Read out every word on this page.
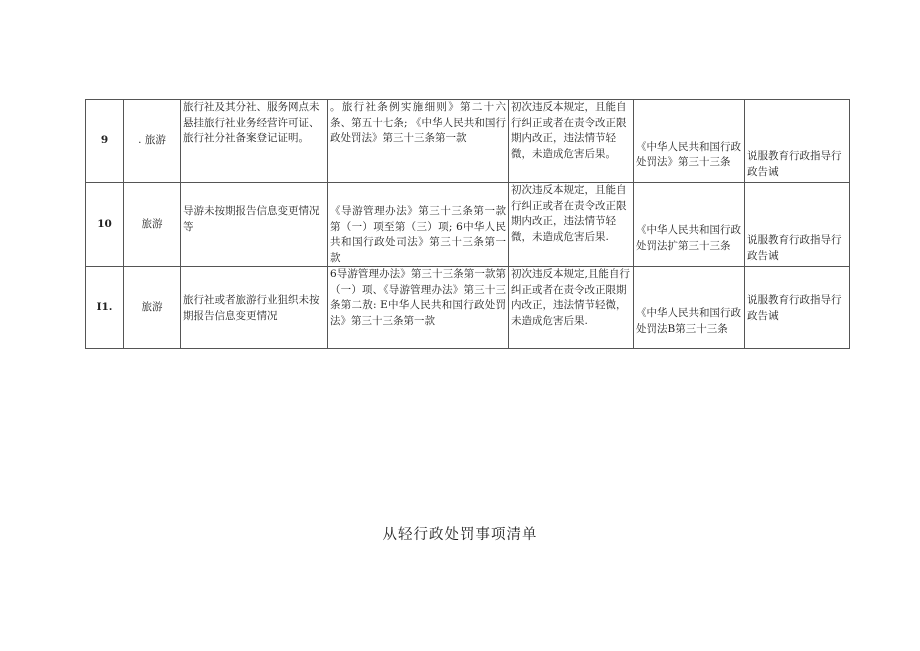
9	. 旅游	旅行社及其分社、服务网点未悬挂旅行社业务经营许可证、旅行社分社备案登记证明。	。旅行社条例实施细则》第二十六条、第五十七条; 《中华人民共和国行政处罚法》第三十三条第一款	初次违反本规定，且能自行纠正或者在责令改正限期内改正，违法情节轻微，未造成危害后果。	《中华人民共和国行政处罚法》第三十三条	说服教育行政指导行政告诫
10	旅游	导游未按期报告信息变更情况等	《导游管理办法》第三十三条第一款第（一）项至第（三）项; 6中华人民共和国行政处司法》第三十三条第一款	初次违反本规定，且能自行纠正或者在责令改正限期内改正，违法情节轻微，未造成危害后果.	《中华人民共和国行政处罚法扩第三十三条	说服教育行政指导行政告诫
I1.	旅游	旅行社或者旅游行业狙织未按期报告信息变更情况	6导游管理办法》第三十三条第一款第（一）项、《导游管理办法》第三十三条第二敖: E中华人民共和国行政处罚法》第三十三条第一款	初次违反本规定,且能自行纠正或者在责令改正限期内改正，违法情节轻微，未造成危害后果.	《中华人民共和国行政处罚法B第三十三条	说服教育行政指导行政告诫
从轻行政处罚事项清单
